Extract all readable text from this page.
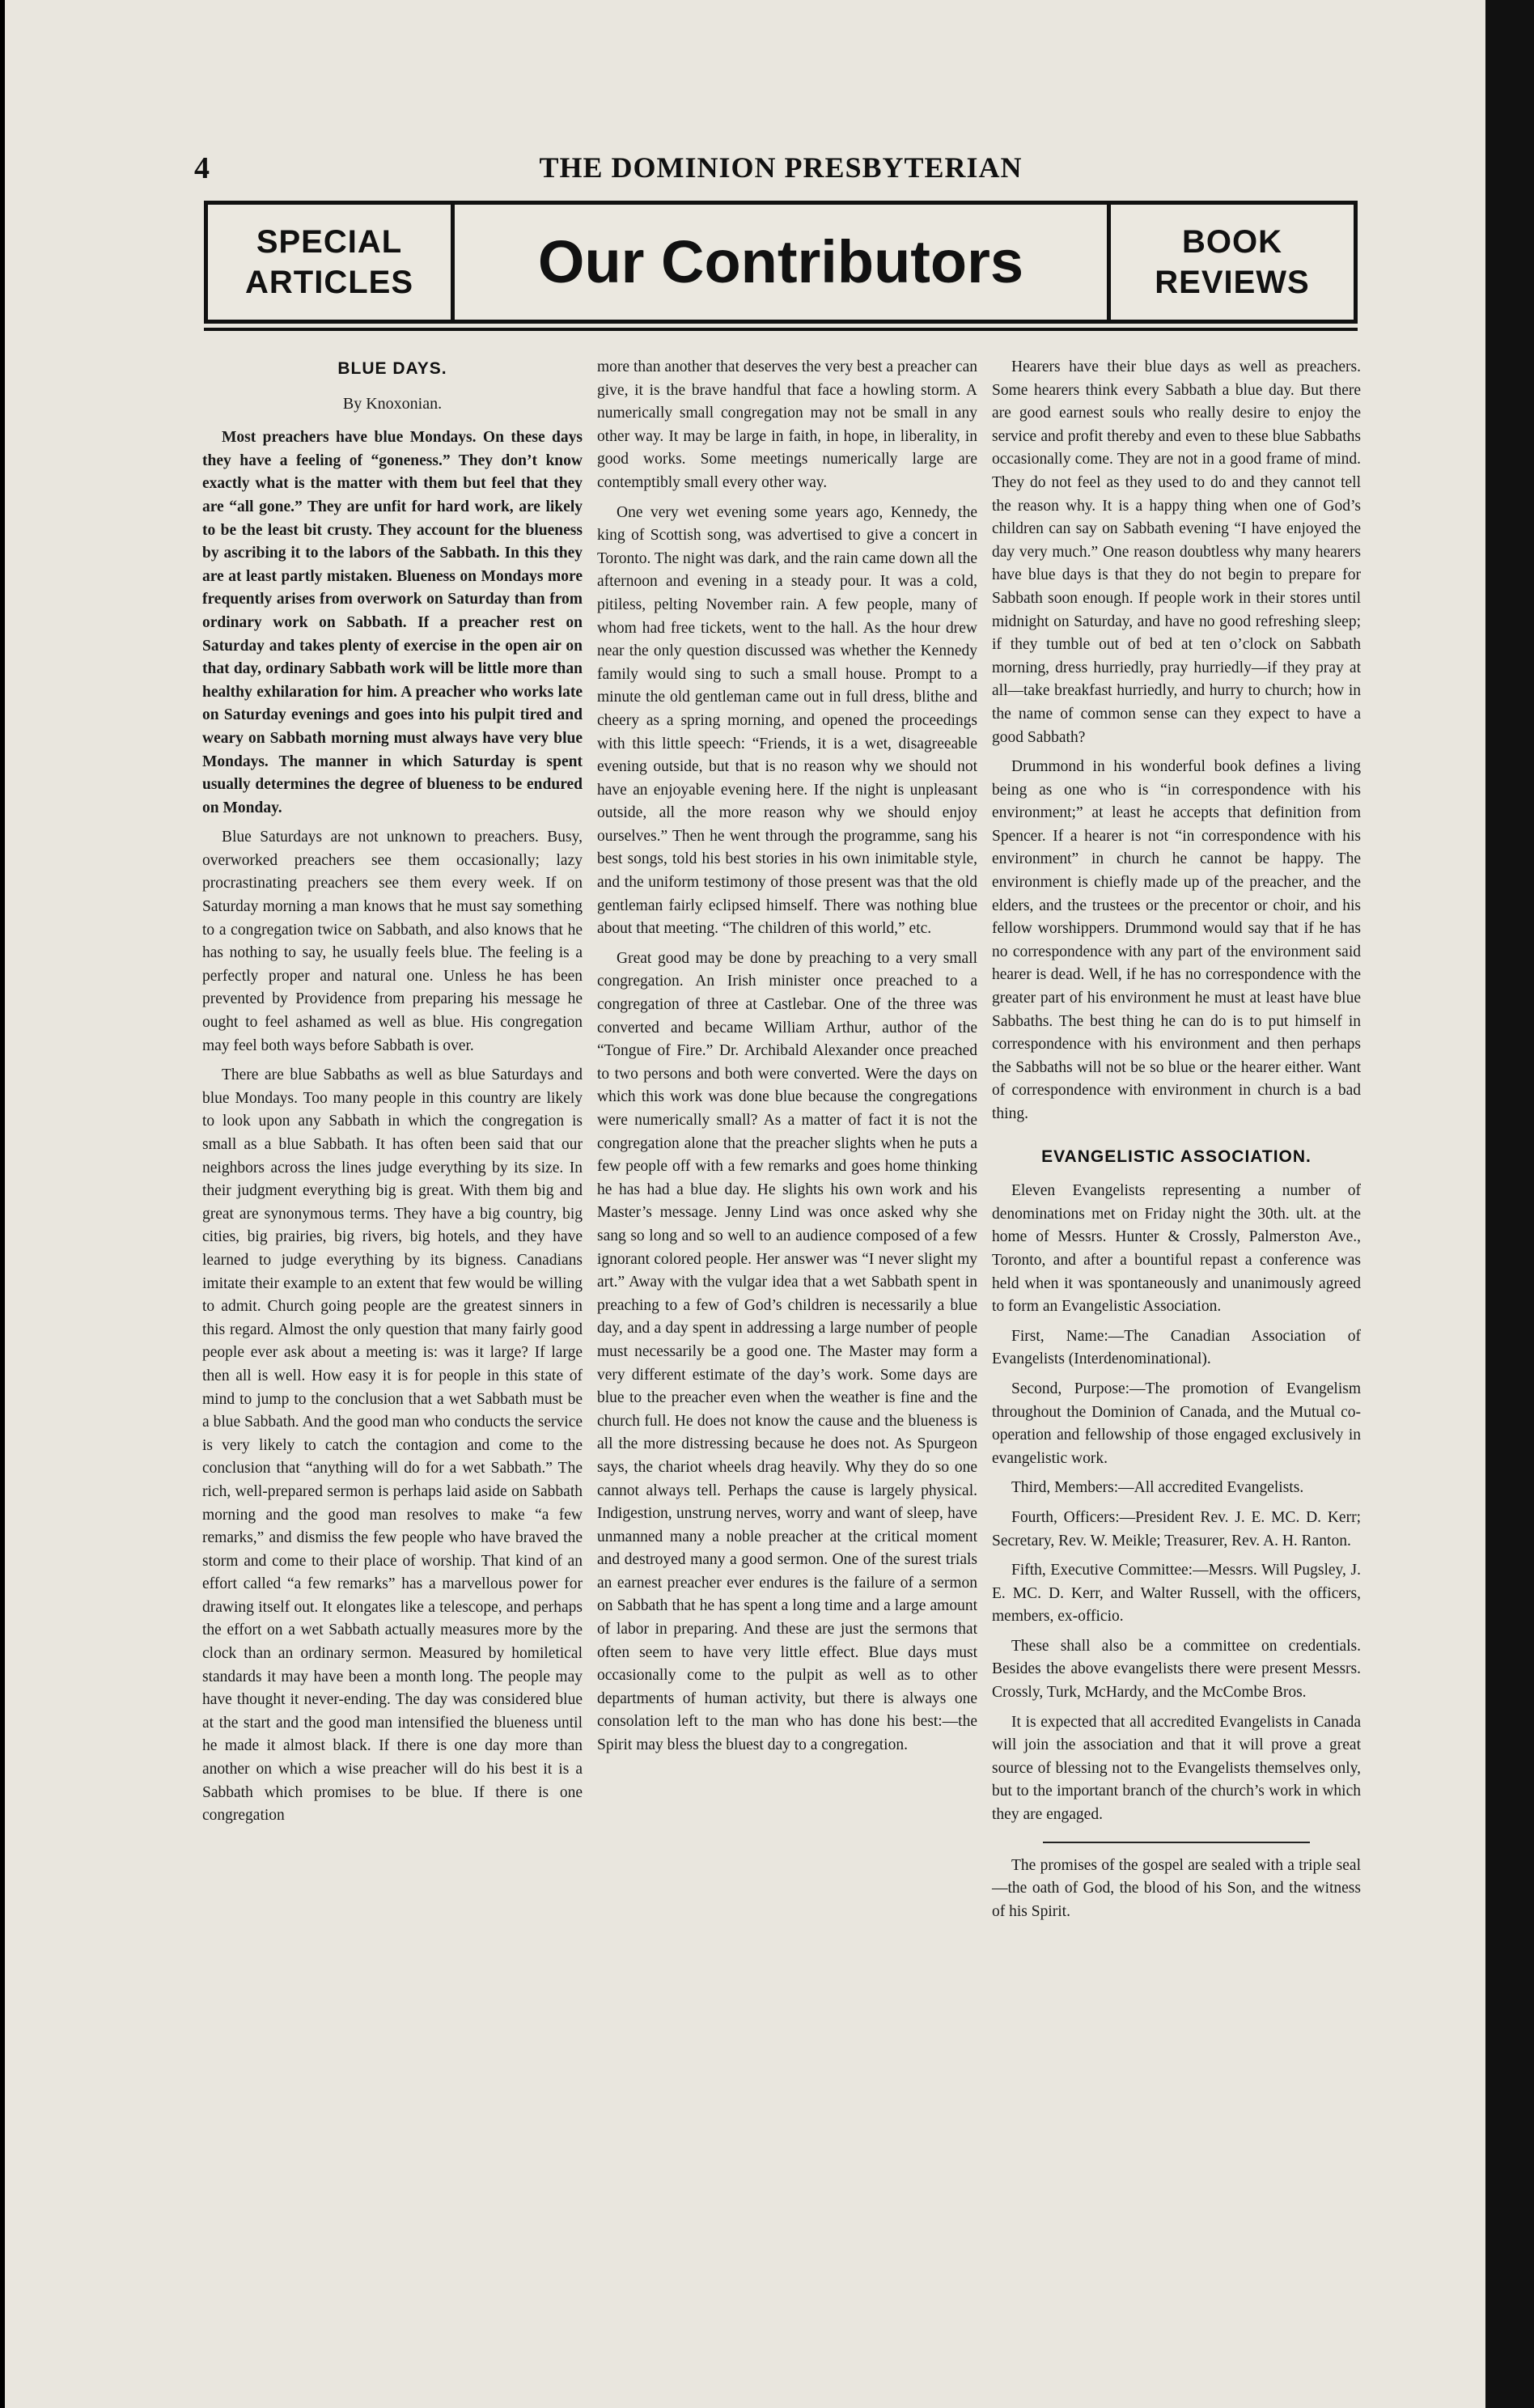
4	THE DOMINION PRESBYTERIAN
SPECIAL
ARTICLES	Our Contributors	BOOK
REVIEWS
BLUE DAYS.
By Knoxonian.

Most preachers have blue Mondays. On these days they have a feeling of “goneness.” They don’t know exactly what is the matter with them but feel that they are “all gone.” They are unfit for hard work, are likely to be the least bit crusty. They account for the blueness by ascribing it to the labors of the Sabbath. In this they are at least partly mistaken. Blueness on Mondays more frequently arises from overwork on Saturday than from ordinary work on Sabbath. If a preacher rest on Saturday and takes plenty of exercise in the open air on that day, ordinary Sabbath work will be little more than healthy exhilaration for him. A preacher who works late on Saturday evenings and goes into his pulpit tired and weary on Sabbath morning must always have very blue Mondays. The manner in which Saturday is spent usually determines the degree of blueness to be endured on Monday.

Blue Saturdays are not unknown to preachers. Busy, overworked preachers see them occasionally; lazy procrastinating preachers see them every week. If on Saturday morning a man knows that he must say something to a congregation twice on Sabbath, and also knows that he has nothing to say, he usually feels blue. The feeling is a perfectly proper and natural one. Unless he has been prevented by Providence from preparing his message he ought to feel ashamed as well as blue. His congregation may feel both ways before Sabbath is over.

There are blue Sabbaths as well as blue Saturdays and blue Mondays. Too many people in this country are likely to look upon any Sabbath in which the congregation is small as a blue Sabbath. It has often been said that our neighbors across the lines judge everything by its size. In their judgment everything big is great. With them big and great are synonymous terms. They have a big country, big cities, big prairies, big rivers, big hotels, and they have learned to judge everything by its bigness. Canadians imitate their example to an extent that few would be willing to admit. Church going people are the greatest sinners in this regard. Almost the only question that many fairly good people ever ask about a meeting is: was it large? If large then all is well. How easy it is for people in this state of mind to jump to the conclusion that a wet Sabbath must be a blue Sabbath. And the good man who conducts the service is very likely to catch the contagion and come to the conclusion that “anything will do for a wet Sabbath.” The rich, well-prepared sermon is perhaps laid aside on Sabbath morning and the good man resolves to make “a few remarks,” and dismiss the few people who have braved the storm and come to their place of worship. That kind of an effort called “a few remarks” has a marvellous power for drawing itself out. It elongates like a telescope, and perhaps the effort on a wet Sabbath actually measures more by the clock than an ordinary sermon. Measured by homiletical standards it may have been a month long. The people may have thought it never-ending. The day was considered blue at the start and the good man intensified the blueness until he made it almost black. If there is one day more than another on which a wise preacher will do his best it is a Sabbath which promises to be blue. If there is one congregation

more than another that deserves the very best a preacher can give, it is the brave handful that face a howling storm. A numerically small congregation may not be small in any other way. It may be large in faith, in hope, in liberality, in good works. Some meetings numerically large are contemptibly small every other way.

One very wet evening some years ago, Kennedy, the king of Scottish song, was advertised to give a concert in Toronto. The night was dark, and the rain came down all the afternoon and evening in a steady pour. It was a cold, pitiless, pelting November rain. A few people, many of whom had free tickets, went to the hall. As the hour drew near the only question discussed was whether the Kennedy family would sing to such a small house. Prompt to a minute the old gentleman came out in full dress, blithe and cheery as a spring morning, and opened the proceedings with this little speech: “Friends, it is a wet, disagreeable evening outside, but that is no reason why we should not have an enjoyable evening here. If the night is unpleasant outside, all the more reason why we should enjoy ourselves.” Then he went through the programme, sang his best songs, told his best stories in his own inimitable style, and the uniform testimony of those present was that the old gentleman fairly eclipsed himself. There was nothing blue about that meeting. “The children of this world,” etc.

Great good may be done by preaching to a very small congregation. An Irish minister once preached to a congregation of three at Castlebar. One of the three was converted and became William Arthur, author of the “Tongue of Fire.” Dr. Archibald Alexander once preached to two persons and both were converted. Were the days on which this work was done blue because the congregations were numerically small? As a matter of fact it is not the congregation alone that the preacher slights when he puts a few people off with a few remarks and goes home thinking he has had a blue day. He slights his own work and his Master’s message. Jenny Lind was once asked why she sang so long and so well to an audience composed of a few ignorant colored people. Her answer was “I never slight my art.” Away with the vulgar idea that a wet Sabbath spent in preaching to a few of God’s children is necessarily a blue day, and a day spent in addressing a large number of people must necessarily be a good one. The Master may form a very different estimate of the day’s work. Some days are blue to the preacher even when the weather is fine and the church full. He does not know the cause and the blueness is all the more distressing because he does not. As Spurgeon says, the chariot wheels drag heavily. Why they do so one cannot always tell. Perhaps the cause is largely physical. Indigestion, unstrung nerves, worry and want of sleep, have unmanned many a noble preacher at the critical moment and destroyed many a good sermon. One of the surest trials an earnest preacher ever endures is the failure of a sermon on Sabbath that he has spent a long time and a large amount of labor in preparing. And these are just the sermons that often seem to have very little effect. Blue days must occasionally come to the pulpit as well as to other departments of human activity, but there is always one consolation left to the man who has done his best:—the Spirit may bless the bluest day to a congregation.

Hearers have their blue days as well as preachers. Some hearers think every Sabbath a blue day. But there are good earnest souls who really desire to enjoy the service and profit thereby and even to these blue Sabbaths occasionally come. They are not in a good frame of mind. They do not feel as they used to do and they cannot tell the reason why. It is a happy thing when one of God’s children can say on Sabbath evening “I have enjoyed the day very much.” One reason doubtless why many hearers have blue days is that they do not begin to prepare for Sabbath soon enough. If people work in their stores until midnight on Saturday, and have no good refreshing sleep; if they tumble out of bed at ten o’clock on Sabbath morning, dress hurriedly, pray hurriedly—if they pray at all—take breakfast hurriedly, and hurry to church; how in the name of common sense can they expect to have a good Sabbath?

Drummond in his wonderful book defines a living being as one who is “in correspondence with his environment;” at least he accepts that definition from Spencer. If a hearer is not “in correspondence with his environment” in church he cannot be happy. The environment is chiefly made up of the preacher, and the elders, and the trustees or the precentor or choir, and his fellow worshippers. Drummond would say that if he has no correspondence with any part of the environment said hearer is dead. Well, if he has no correspondence with the greater part of his environment he must at least have blue Sabbaths. The best thing he can do is to put himself in correspondence with his environment and then perhaps the Sabbaths will not be so blue or the hearer either. Want of correspondence with environment in church is a bad thing.

EVANGELISTIC ASSOCIATION.

Eleven Evangelists representing a number of denominations met on Friday night the 30th. ult. at the home of Messrs. Hunter & Crossly, Palmerston Ave., Toronto, and after a bountiful repast a conference was held when it was spontaneously and unanimously agreed to form an Evangelistic Association.

First, Name:—The Canadian Association of Evangelists (Interdenominational).

Second, Purpose:—The promotion of Evangelism throughout the Dominion of Canada, and the Mutual co-operation and fellowship of those engaged exclusively in evangelistic work.

Third, Members:—All accredited Evangelists.

Fourth, Officers:—President Rev. J. E. MC. D. Kerr; Secretary, Rev. W. Meikle; Treasurer, Rev. A. H. Ranton.

Fifth, Executive Committee:—Messrs. Will Pugsley, J. E. MC. D. Kerr, and Walter Russell, with the officers, members, ex-officio.

These shall also be a committee on credentials. Besides the above evangelists there were present Messrs. Crossly, Turk, McHardy, and the McCombe Bros.

It is expected that all accredited Evangelists in Canada will join the association and that it will prove a great source of blessing not to the Evangelists themselves only, but to the important branch of the church’s work in which they are engaged.

The promises of the gospel are sealed with a triple seal—the oath of God, the blood of his Son, and the witness of his Spirit.
